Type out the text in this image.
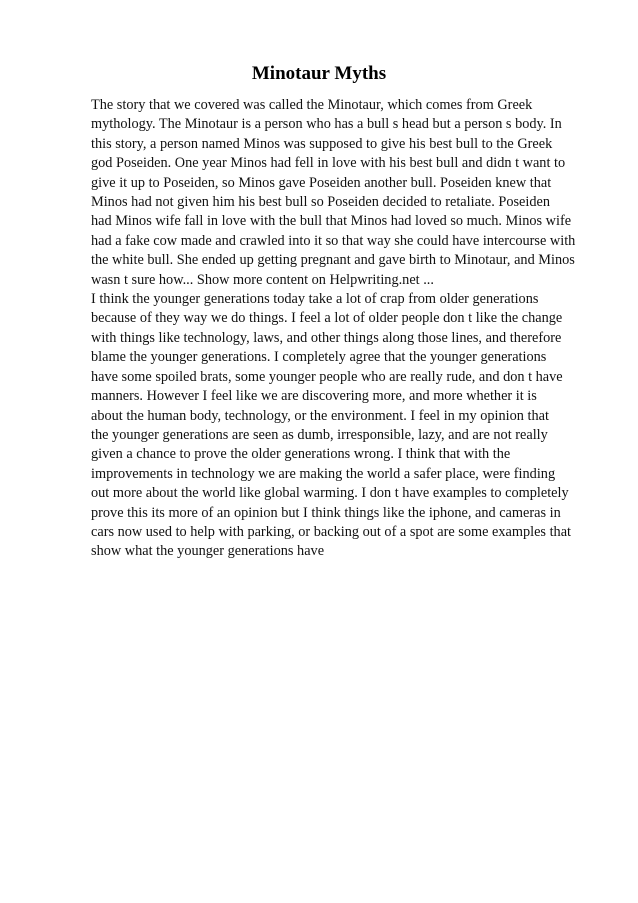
Minotaur Myths
The story that we covered was called the Minotaur, which comes from Greek
mythology. The Minotaur is a person who has a bull s head but a person s body. In
this story, a person named Minos was supposed to give his best bull to the Greek
god Poseiden. One year Minos had fell in love with his best bull and didn t want to
give it up to Poseiden, so Minos gave Poseiden another bull. Poseiden knew that
Minos had not given him his best bull so Poseiden decided to retaliate. Poseiden
had Minos wife fall in love with the bull that Minos had loved so much. Minos wife
had a fake cow made and crawled into it so that way she could have intercourse with
the white bull. She ended up getting pregnant and gave birth to Minotaur, and Minos
wasn t sure how... Show more content on Helpwriting.net ...
I think the younger generations today take a lot of crap from older generations
because of they way we do things. I feel a lot of older people don t like the change
with things like technology, laws, and other things along those lines, and therefore
blame the younger generations. I completely agree that the younger generations
have some spoiled brats, some younger people who are really rude, and don t have
manners. However I feel like we are discovering more, and more whether it is
about the human body, technology, or the environment. I feel in my opinion that
the younger generations are seen as dumb, irresponsible, lazy, and are not really
given a chance to prove the older generations wrong. I think that with the
improvements in technology we are making the world a safer place, were finding
out more about the world like global warming. I don t have examples to completely
prove this its more of an opinion but I think things like the iphone, and cameras in
cars now used to help with parking, or backing out of a spot are some examples that
show what the younger generations have
